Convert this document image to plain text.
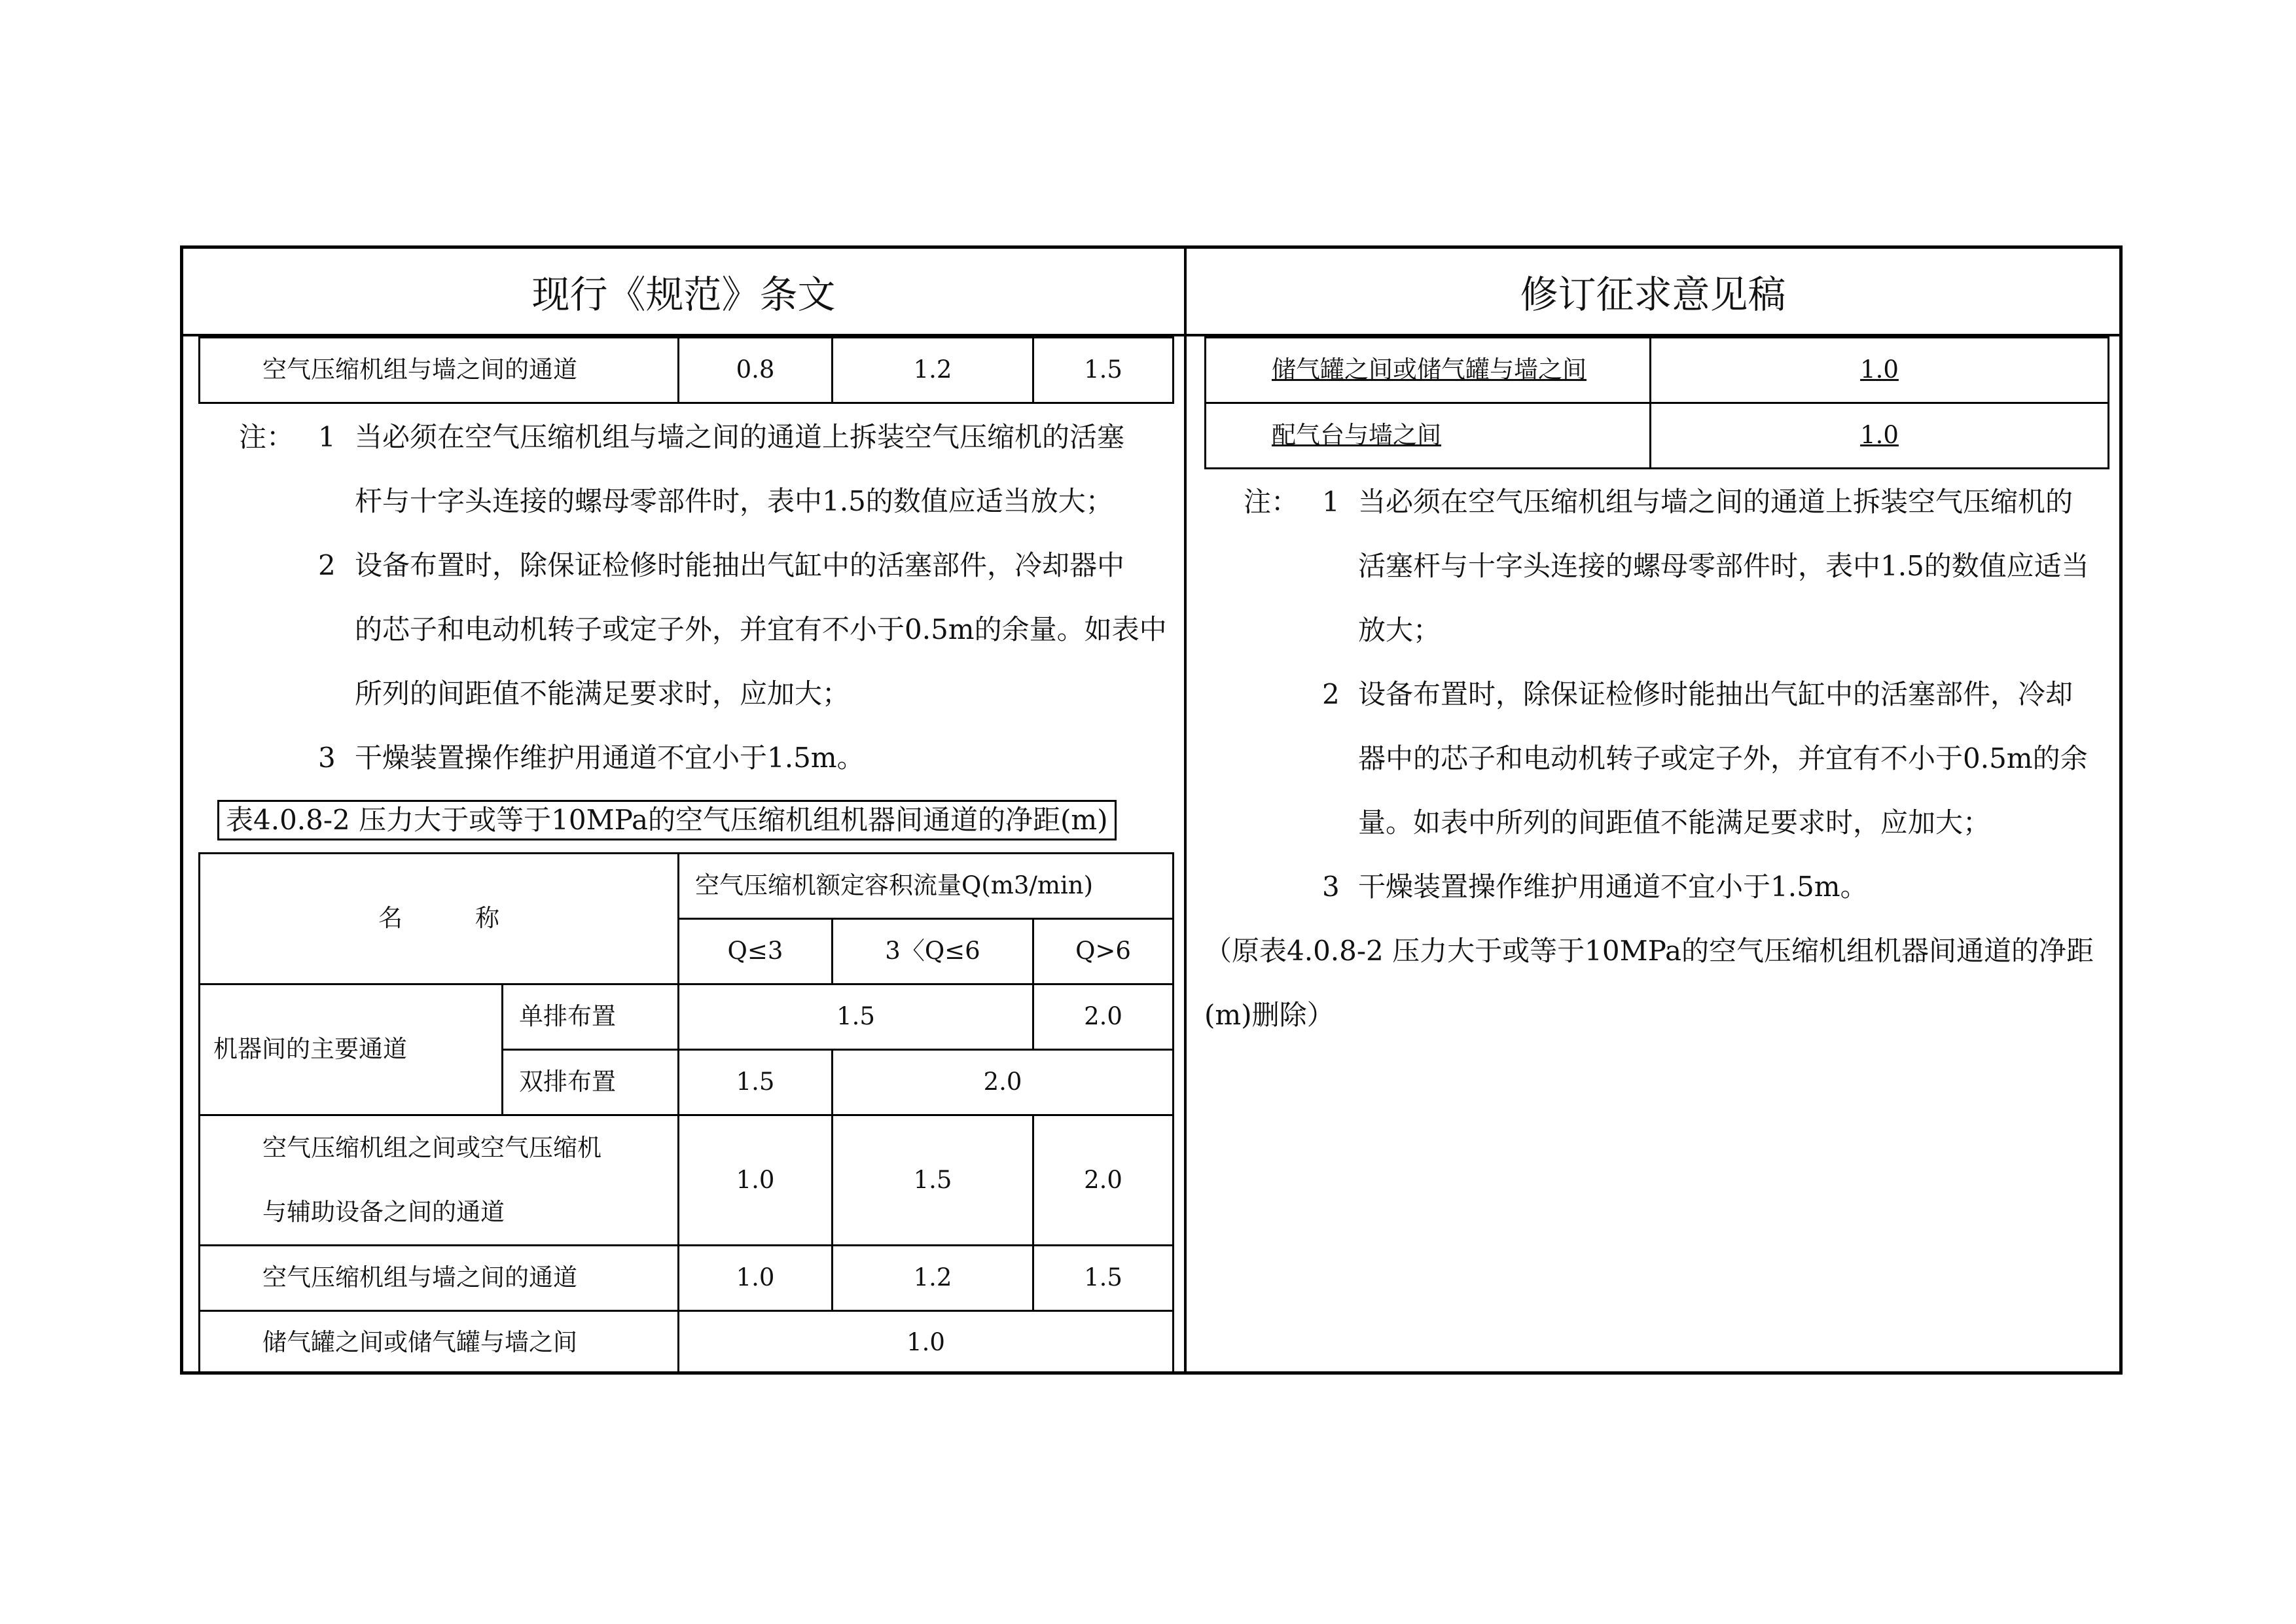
现行《规范》条文	修订征求意见稿
空气压缩机组与墙之间的通道	0.8	1.2	1.5
注： 1 当必须在空气压缩机组与墙之间的通道上拆装空气压缩机的活塞
杆与十字头连接的螺母零部件时，表中1.5的数值应适当放大；
2 设备布置时，除保证检修时能抽出气缸中的活塞部件，冷却器中
的芯子和电动机转子或定子外，并宜有不小于0.5m的余量。如表中
所列的间距值不能满足要求时，应加大；
3 干燥装置操作维护用通道不宜小于1.5m。
表4.0.8-2 压力大于或等于10MPa的空气压缩机组机器间通道的净距(m)
名　　　称		空气压缩机额定容积流量Q(m3/min)		
		Q≤3	3〈Q≤6	Q>6
机器间的主要通道	单排布置	1.5		2.0
	双排布置	1.5	2.0	

空气压缩机组之间或空气压缩机
与辅助设备之间的通道		1.0	1.5	2.0
空气压缩机组与墙之间的通道		1.0	1.2	1.5
储气罐之间或储气罐与墙之间		1.0		
储气罐之间或储气罐与墙之间	1.0
配气台与墙之间	1.0
注： 1 当必须在空气压缩机组与墙之间的通道上拆装空气压缩机的
活塞杆与十字头连接的螺母零部件时，表中1.5的数值应适当
放大；
2 设备布置时，除保证检修时能抽出气缸中的活塞部件，冷却
器中的芯子和电动机转子或定子外，并宜有不小于0.5m的余
量。如表中所列的间距值不能满足要求时，应加大；
3 干燥装置操作维护用通道不宜小于1.5m。
（原表4.0.8-2 压力大于或等于10MPa的空气压缩机组机器间通道的净距
(m)删除）
